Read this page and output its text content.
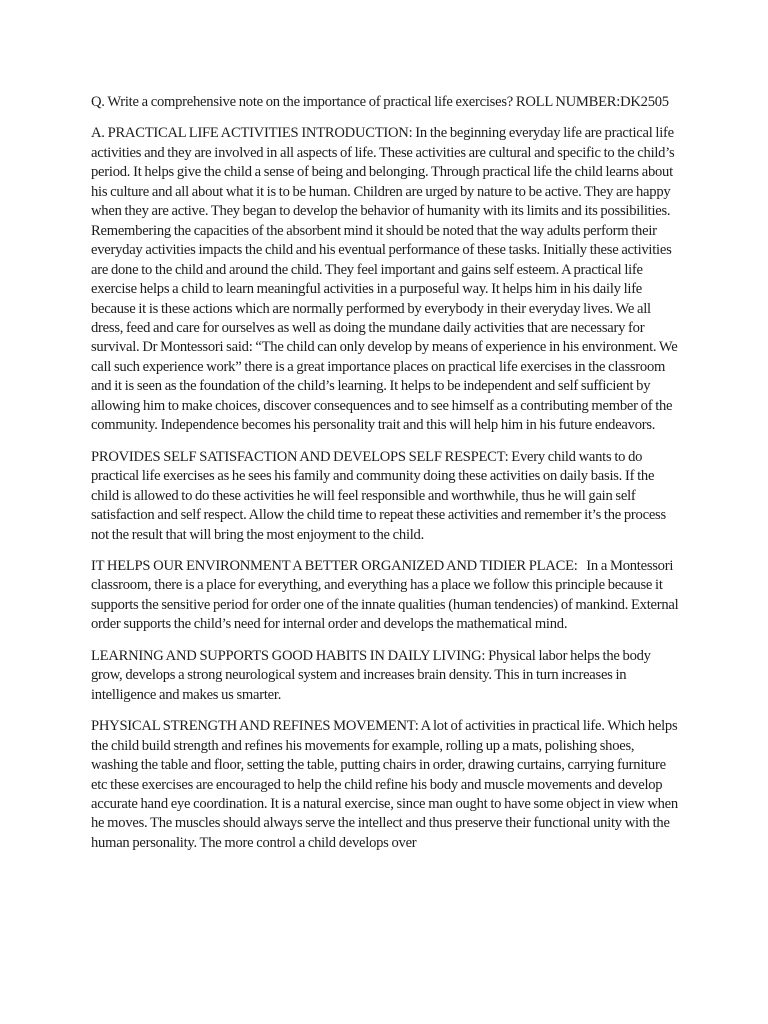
Q. Write a comprehensive note on the importance of practical life exercises? ROLL NUMBER:DK2505

A. PRACTICAL LIFE ACTIVITIES INTRODUCTION: In the beginning everyday life are practical life activities and they are involved in all aspects of life. These activities are cultural and specific to the child’s period. It helps give the child a sense of being and belonging. Through practical life the child learns about his culture and all about what it is to be human. Children are urged by nature to be active. They are happy when they are active. They began to develop the behavior of humanity with its limits and its possibilities. Remembering the capacities of the absorbent mind it should be noted that the way adults perform their everyday activities impacts the child and his eventual performance of these tasks. Initially these activities are done to the child and around the child. They feel important and gains self esteem. A practical life exercise helps a child to learn meaningful activities in a purposeful way. It helps him in his daily life because it is these actions which are normally performed by everybody in their everyday lives. We all dress, feed and care for ourselves as well as doing the mundane daily activities that are necessary for survival. Dr Montessori said: “The child can only develop by means of experience in his environment. We call such experience work” there is a great importance places on practical life exercises in the classroom and it is seen as the foundation of the child’s learning. It helps to be independent and self sufficient by allowing him to make choices, discover consequences and to see himself as a contributing member of the community. Independence becomes his personality trait and this will help him in his future endeavors.

PROVIDES SELF SATISFACTION AND DEVELOPS SELF RESPECT: Every child wants to do practical life exercises as he sees his family and community doing these activities on daily basis. If the child is allowed to do these activities he will feel responsible and worthwhile, thus he will gain self satisfaction and self respect. Allow the child time to repeat these activities and remember it’s the process not the result that will bring the most enjoyment to the child.

IT HELPS OUR ENVIRONMENT A BETTER ORGANIZED AND TIDIER PLACE:   In a Montessori classroom, there is a place for everything, and everything has a place we follow this principle because it supports the sensitive period for order one of the innate qualities (human tendencies) of mankind. External order supports the child’s need for internal order and develops the mathematical mind.

LEARNING AND SUPPORTS GOOD HABITS IN DAILY LIVING: Physical labor helps the body grow, develops a strong neurological system and increases brain density. This in turn increases in intelligence and makes us smarter.

PHYSICAL STRENGTH AND REFINES MOVEMENT: A lot of activities in practical life. Which helps the child build strength and refines his movements for example, rolling up a mats, polishing shoes, washing the table and floor, setting the table, putting chairs in order, drawing curtains, carrying furniture etc these exercises are encouraged to help the child refine his body and muscle movements and develop accurate hand eye coordination. It is a natural exercise, since man ought to have some object in view when he moves. The muscles should always serve the intellect and thus preserve their functional unity with the human personality. The more control a child develops over
